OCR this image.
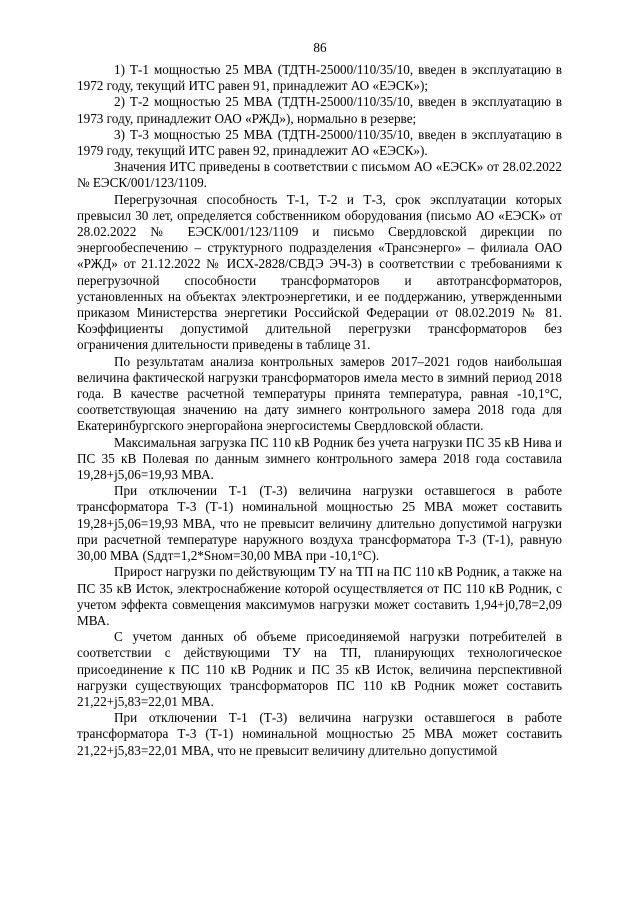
86

1) Т-1 мощностью 25 МВА (ТДТН-25000/110/35/10, введен в эксплуатацию в 1972 году, текущий ИТС равен 91, принадлежит АО «ЕЭСК»);

2) Т-2 мощностью 25 МВА (ТДТН-25000/110/35/10, введен в эксплуатацию в 1973 году, принадлежит ОАО «РЖД»), нормально в резерве;

3) Т-3 мощностью 25 МВА (ТДТН-25000/110/35/10, введен в эксплуатацию в 1979 году, текущий ИТС равен 92, принадлежит АО «ЕЭСК»).

Значения ИТС приведены в соответствии с письмом АО «ЕЭСК» от 28.02.2022 № ЕЭСК/001/123/1109.

Перегрузочная способность Т-1, Т-2 и Т-3, срок эксплуатации которых превысил 30 лет, определяется собственником оборудования (письмо АО «ЕЭСК» от 28.02.2022 № ЕЭСК/001/123/1109 и письмо Свердловской дирекции по энергообеспечению – структурного подразделения «Трансэнерго» – филиала ОАО «РЖД» от 21.12.2022 № ИСХ-2828/СВДЭ ЭЧ-3) в соответствии с требованиями к перегрузочной способности трансформаторов и автотрансформаторов, установленных на объектах электроэнергетики, и ее поддержанию, утвержденными приказом Министерства энергетики Российской Федерации от 08.02.2019 № 81. Коэффициенты допустимой длительной перегрузки трансформаторов без ограничения длительности приведены в таблице 31.

По результатам анализа контрольных замеров 2017–2021 годов наибольшая величина фактической нагрузки трансформаторов имела место в зимний период 2018 года. В качестве расчетной температуры принята температура, равная -10,1°С, соответствующая значению на дату зимнего контрольного замера 2018 года для Екатеринбургского энергорайона энергосистемы Свердловской области.

Максимальная загрузка ПС 110 кВ Родник без учета нагрузки ПС 35 кВ Нива и ПС 35 кВ Полевая по данным зимнего контрольного замера 2018 года составила 19,28+j5,06=19,93 МВА.

При отключении Т-1 (Т-3) величина нагрузки оставшегося в работе трансформатора Т-3 (Т-1) номинальной мощностью 25 МВА может составить 19,28+j5,06=19,93 МВА, что не превысит величину длительно допустимой нагрузки при расчетной температуре наружного воздуха трансформатора Т-3 (Т-1), равную 30,00 МВА (Sддт=1,2*Sном=30,00 МВА при -10,1°С).

Прирост нагрузки по действующим ТУ на ТП на ПС 110 кВ Родник, а также на ПС 35 кВ Исток, электроснабжение которой осуществляется от ПС 110 кВ Родник, с учетом эффекта совмещения максимумов нагрузки может составить 1,94+j0,78=2,09 МВА.

С учетом данных об объеме присоединяемой нагрузки потребителей в соответствии с действующими ТУ на ТП, планирующих технологическое присоединение к ПС 110 кВ Родник и ПС 35 кВ Исток, величина перспективной нагрузки существующих трансформаторов ПС 110 кВ Родник может составить 21,22+j5,83=22,01 МВА.

При отключении Т-1 (Т-3) величина нагрузки оставшегося в работе трансформатора Т-3 (Т-1) номинальной мощностью 25 МВА может составить 21,22+j5,83=22,01 МВА, что не превысит величину длительно допустимой
